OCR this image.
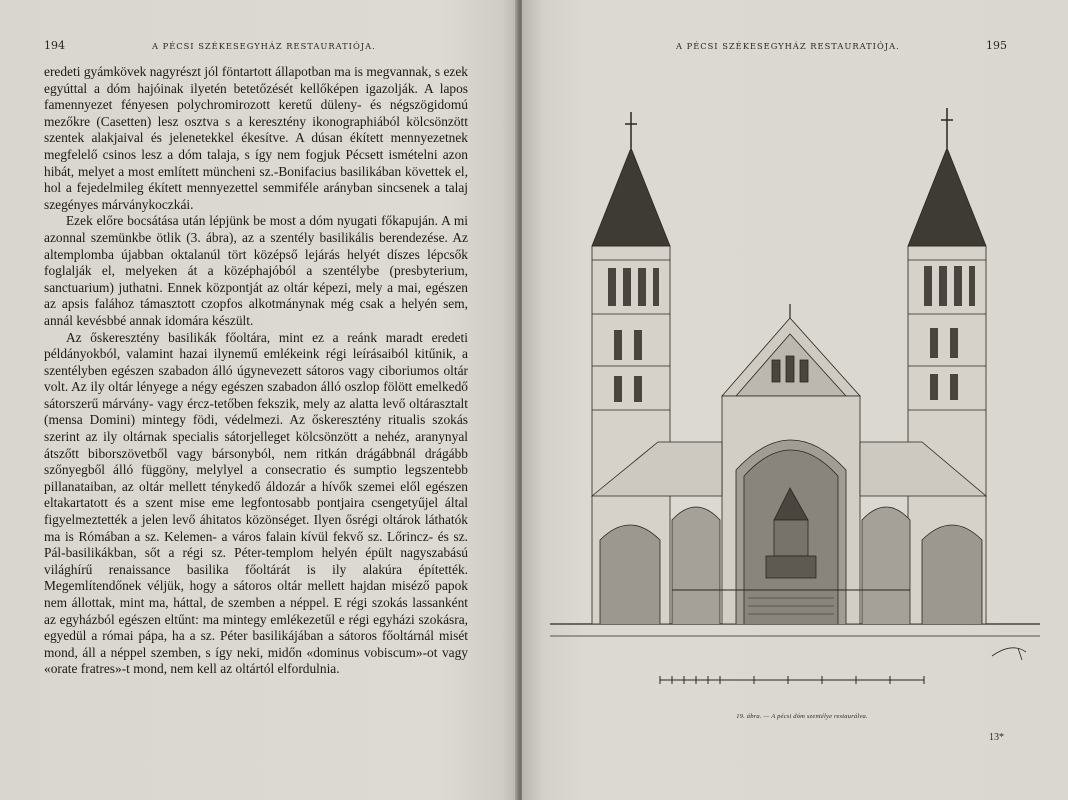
194	A PÉCSI SZÉKESEGYHÁZ RESTAURATIÓJA.

eredeti gyámkövek nagyrészt jól föntartott állapotban ma is megvannak, s ezek egyúttal a dóm hajóinak ilyetén betetőzését kellőképen igazolják. A lapos famennyezet fényesen polychromirozott keretű düleny- és négszögidomú mezőkre (Casetten) lesz osztva s a keresztény ikonographiából kölcsönzött szentek alakjaival és jelenetekkel ékesítve. A dúsan ékített mennyezetnek megfelelő csinos lesz a dóm talaja, s így nem fogjuk Pécsett ismételni azon hibát, melyet a most említett müncheni sz.-Bonifacius basilikában követtek el, hol a fejedelmileg ékített mennyezettel semmiféle arányban sincsenek a talaj szegényes márványkoczkái.

Ezek előre bocsátása után lépjünk be most a dóm nyugati főkapuján. A mi azonnal szemünkbe ötlik (3. ábra), az a szentély basilikális berendezése. Az altemplomba újabban oktalanúl tört középső lejárás helyét díszes lépcsők foglalják el, melyeken át a középhajóból a szentélybe (presbyterium, sanctuarium) juthatni. Ennek központját az oltár képezi, mely a mai, egészen az apsis falához támasztott czopfos alkotmánynak még csak a helyén sem, annál kevésbbé annak idomára készült.

Az őskeresztény basilikák főoltára, mint ez a reánk maradt eredeti példányokból, valamint hazai ilynemű emlékeink régi leírásaiból kitűnik, a szentélyben egészen szabadon álló úgynevezett sátoros vagy ciboriumos oltár volt. Az ily oltár lényege a négy egészen szabadon álló oszlop fölött emelkedő sátorszerű márvány- vagy ércz-tetőben fekszik, mely az alatta levő oltárasztalt (mensa Domini) mintegy födi, védelmezi. Az őskeresztény ritualis szokás szerint az ily oltárnak specialis sátorjelleget kölcsönzött a nehéz, aranynyal átszőtt biborszövetből vagy bársonyból, nem ritkán drágábbnál drágább szőnyegből álló függöny, melylyel a consecratio és sumptio legszentebb pillanataiban, az oltár mellett ténykedő áldozár a hívők szemei elől egészen eltakartatott és a szent mise eme legfontosabb pontjaira csengetyűjel által figyelmeztették a jelen levő áhitatos közönséget. Ilyen ősrégi oltárok láthatók ma is Rómában a sz. Kelemen- a város falain kívül fekvő sz. Lőrincz- és sz. Pál-basilikákban, sőt a régi sz. Péter-templom helyén épült nagyszabású világhírű renaissance basilika főoltárát is ily alakúra építették. Megemlítendőnek véljük, hogy a sátoros oltár mellett hajdan miséző papok nem állottak, mint ma, háttal, de szemben a néppel. E régi szokás lassanként az egyházból egészen eltűnt: ma mintegy emlékezetűl e régi egyházi szokásra, egyedül a római pápa, ha a sz. Péter basilikájában a sátoros főoltárnál misét mond, áll a néppel szemben, s így neki, midőn «dominus vobiscum»-ot vagy «orate fratres»-t mond, nem kell az oltártól elfordulnia.

A PÉCSI SZÉKESEGYHÁZ RESTAURATIÓJA.	195
19. ábra. — A pécsi dóm szentélye restaurálva.
13*
